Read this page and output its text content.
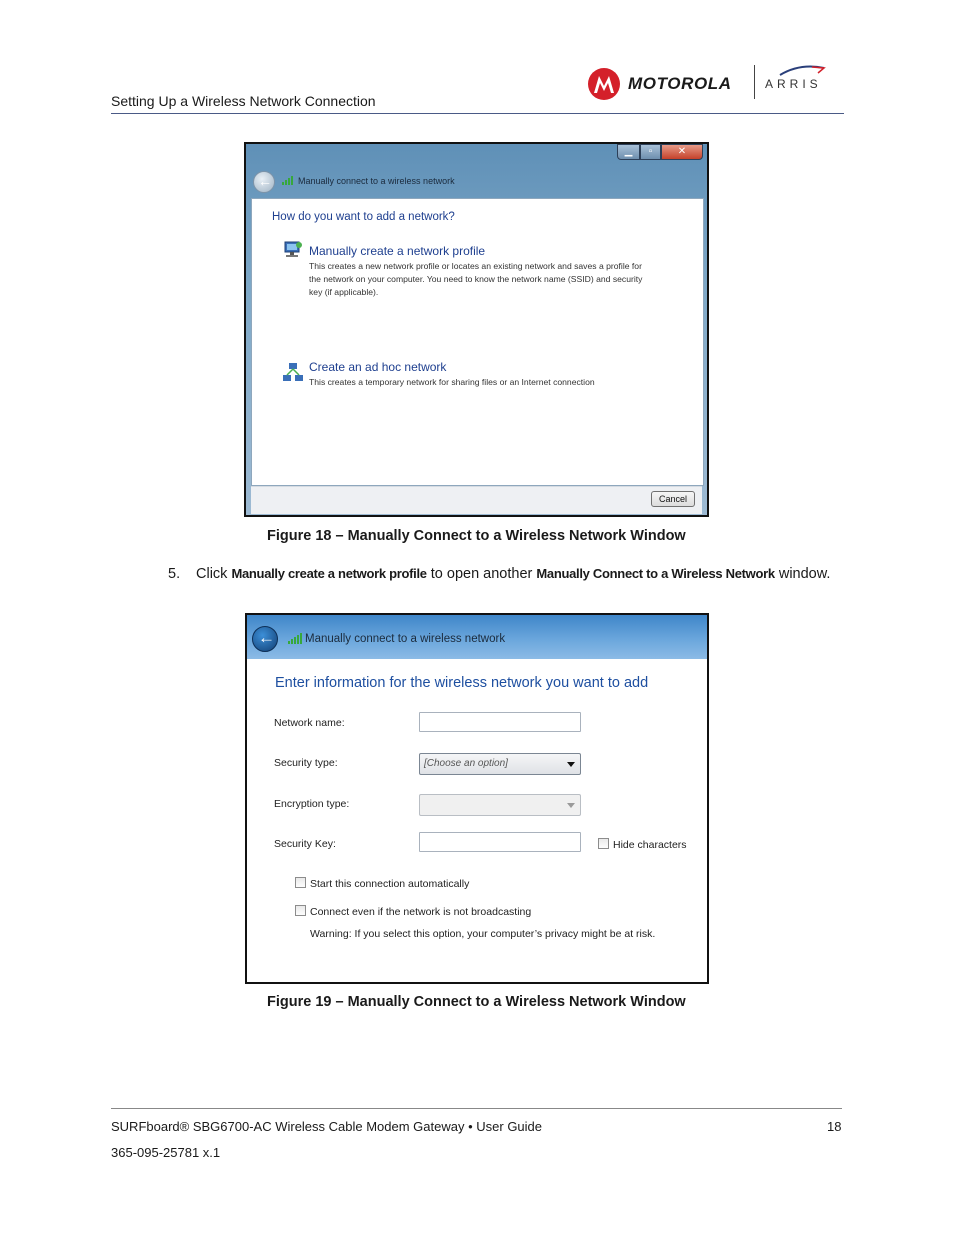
Setting Up a Wireless Network Connection
MOTOROLA	ARRIS
▁	▫	✕
←	Manually connect to a wireless network
How do you want to add a network?
Manually create a network profile
This creates a new network profile or locates an existing network and saves a profile for the network on your computer. You need to know the network name (SSID) and security key (if applicable).
Create an ad hoc network
This creates a temporary network for sharing files or an Internet connection
Cancel
Figure 18 – Manually Connect to a Wireless Network Window
5. Click Manually create a network profile to open another Manually Connect to a Wireless Network window.
←	Manually connect to a wireless network
Enter information for the wireless network you want to add
Network name:
Security type:	[Choose an option]
Encryption type:
Security Key:	Hide characters
Start this connection automatically
Connect even if the network is not broadcasting
Warning: If you select this option, your computer’s privacy might be at risk.
Figure 19 – Manually Connect to a Wireless Network Window
SURFboard® SBG6700-AC Wireless Cable Modem Gateway • User Guide	18
365-095-25781 x.1
